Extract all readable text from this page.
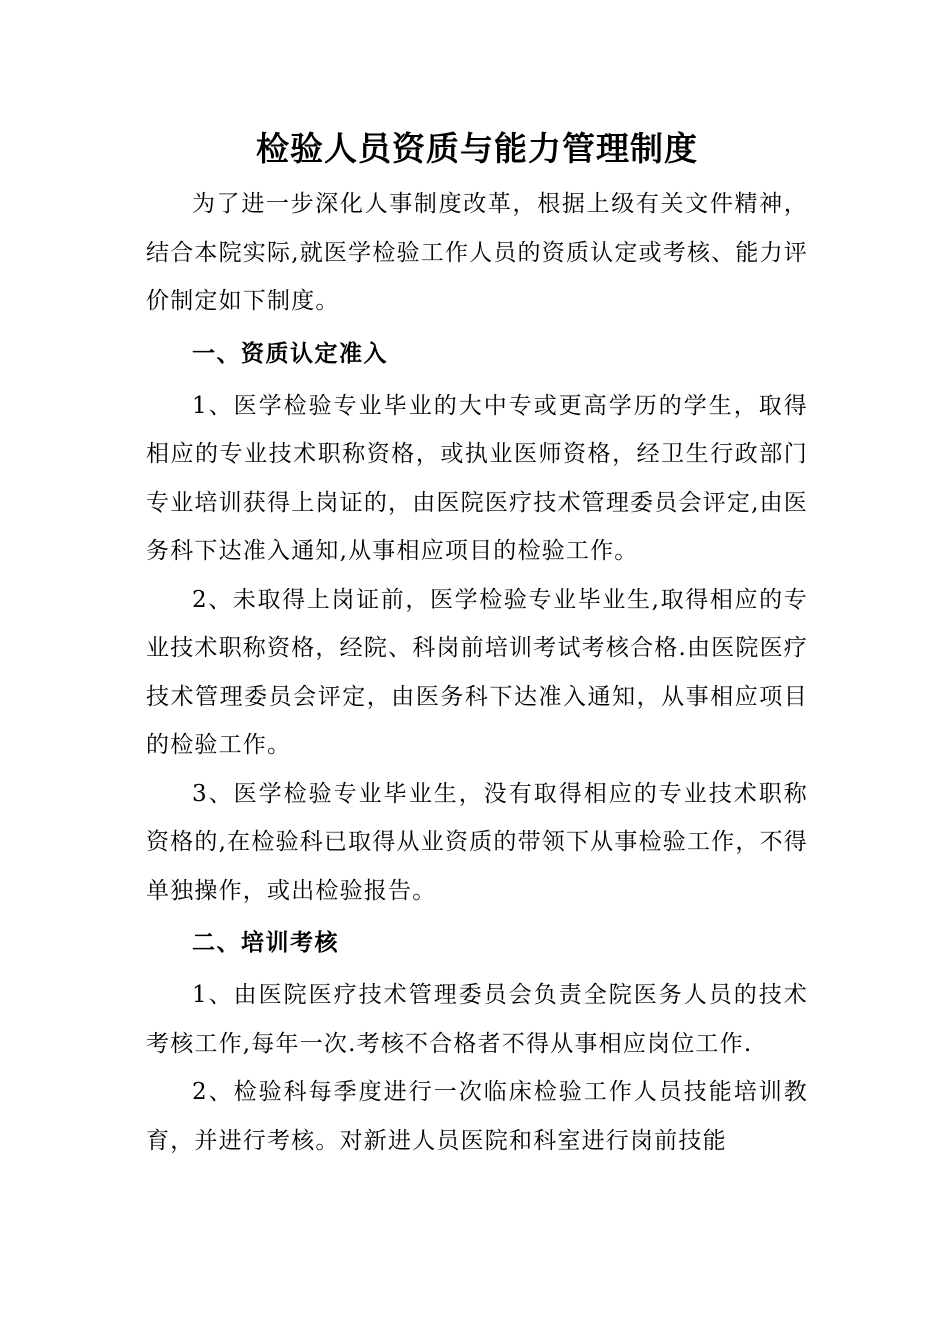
检验人员资质与能力管理制度

为了进一步深化人事制度改革，根据上级有关文件精神，结合本院实际,就医学检验工作人员的资质认定或考核、能力评价制定如下制度。

一、资质认定准入

1、医学检验专业毕业的大中专或更高学历的学生，取得相应的专业技术职称资格，或执业医师资格，经卫生行政部门专业培训获得上岗证的，由医院医疗技术管理委员会评定,由医务科下达准入通知,从事相应项目的检验工作。

2、未取得上岗证前，医学检验专业毕业生,取得相应的专业技术职称资格，经院、科岗前培训考试考核合格.由医院医疗技术管理委员会评定，由医务科下达准入通知，从事相应项目的检验工作。

3、医学检验专业毕业生，没有取得相应的专业技术职称资格的,在检验科已取得从业资质的带领下从事检验工作，不得单独操作，或出检验报告。

二、培训考核

1、由医院医疗技术管理委员会负责全院医务人员的技术考核工作,每年一次.考核不合格者不得从事相应岗位工作.

2、检验科每季度进行一次临床检验工作人员技能培训教育，并进行考核。对新进人员医院和科室进行岗前技能
